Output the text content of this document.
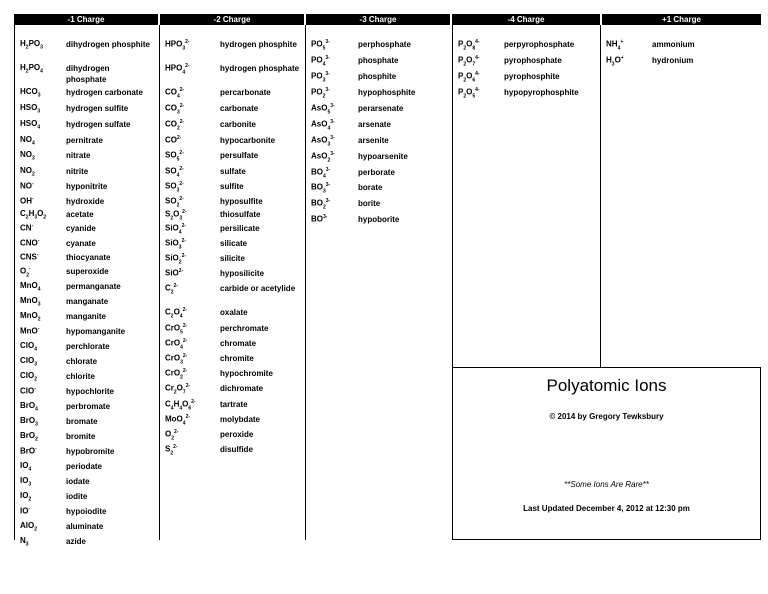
-1 Charge	-2 Charge	-3 Charge	-4 Charge	+1 Charge
$H_2PO_3$	dihydrogen phosphite
$H_2PO_4$	dihydrogen phosphate
$HCO_3$	hydrogen carbonate
$HSO_3$	hydrogen sulfite
$HSO_4$	hydrogen sulfate
$NO_4$	pernitrate
$NO_3$	nitrate
$NO_2$	nitrite
NO-	hyponitrite
OH-	hydroxide
$C_2H_3O_2$ acetate
CN-	cyanide
CNO-	cyanate
CNS-	thiocyanate
$O_2^-$	superoxide
MnO$_4$	permanganate
MnO$_3$	manganate
MnO$_2$	manganite
MnO-	hypomanganite
ClO$_4$	perchlorate
ClO$_3$	chlorate
ClO$_2$	chlorite
ClO-	hypochlorite
BrO$_4$	perbromate
BrO$_3$	bromate
BrO$_2$	bromite
BrO-	hypobromite
$IO_4$	periodate
$IO_3$	iodate
$IO_2$	iodite
IO-	hypoiodite
AlO$_2$	aluminate
$N_3$	azide
$HPO_3^{2-}$	hydrogen phosphite
$HPO_4^{2-}$	hydrogen phosphate
$CO_4^{2-}$	percarbonate
$CO_3^{2-}$	carbonate
$CO_2^{2-}$	carbonite
$CO^{2-}$	hypocarbonite
$SO_5^{2-}$	persulfate
$SO_4^{2-}$	sulfate
$SO_3^{2-}$	sulfite
$SO_2^{2-}$	hyposulfite
$S_2O_3^{2-}$	thiosulfate
SiO$_4^{2-}$	persilicate
SiO$_3^{2-}$	silicate
SiO$_2^{2-}$	silicite
SiO$^{2-}$	hyposilicite
$C_2^{2-}$	carbide or acetylide
$C_2O_4^{2-}$	oxalate
CrO$_5^{2-}$	perchromate
CrO$_4^{2-}$	chromate
CrO$_3^{2-}$	chromite
CrO$_2^{2-}$	hypochromite
$Cr_2O_7^{2-}$	dichromate
$C_4H_4O_6^{2-}$	tartrate
MoO$_4^{2-}$	molybdate
$O_2^{2-}$	peroxide
$S_2^{2-}$	disulfide
$PO_5^{3-}$	perphosphate
$PO_4^{3-}$	phosphate
$PO_3^{3-}$	phosphite
$PO_2^{3-}$	hypophosphite
AsO$_5^{3-}$	perarsenate
AsO$_4^{3-}$	arsenate
AsO$_3^{3-}$	arsenite
AsO$_2^{3-}$	hypoarsenite
$BO_4^{3-}$	perborate
$BO_3^{3-}$	borate
$BO_2^{3-}$	borite
$BO^{3-}$	hypoborite
$P_2O_8^{4-}$	perpyrophosphate
$P_2O_7^{4-}$	pyrophosphate
$P_2O_6^{4-}$	pyrophosphite
$P_2O_5^{4-}$	hypopyrophosphite
$NH_4^+$	ammonium
$H_3O^+$	hydronium
Polyatomic Ions
© 2014 by Gregory Tewksbury
**Some Ions Are Rare**
Last Updated December 4, 2012 at 12:30 pm
